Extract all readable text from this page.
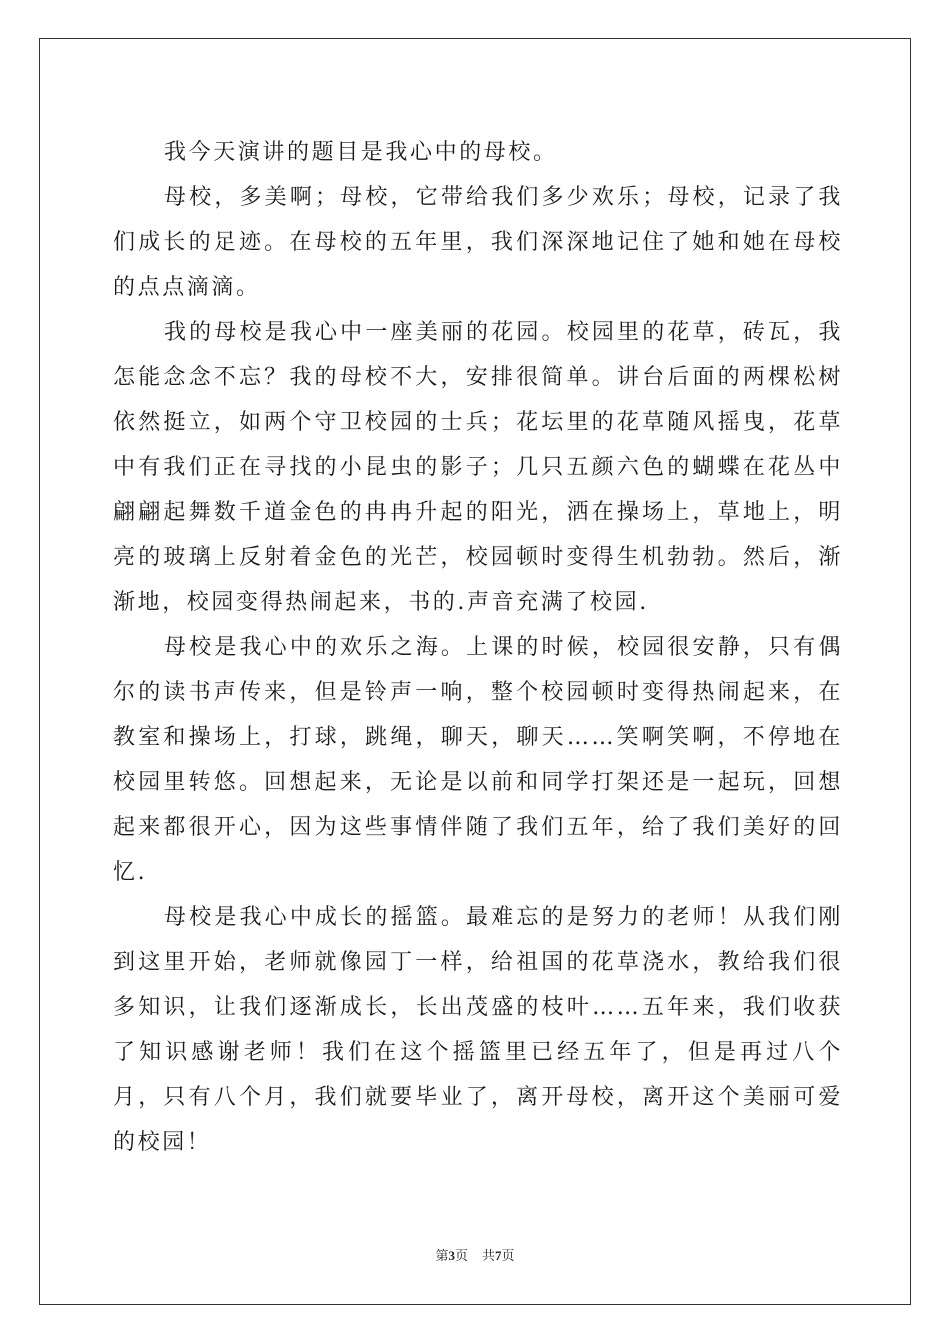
我今天演讲的题目是我心中的母校。

母校，多美啊；母校，它带给我们多少欢乐；母校，记录了我们成长的足迹。在母校的五年里，我们深深地记住了她和她在母校的点点滴滴。

我的母校是我心中一座美丽的花园。校园里的花草，砖瓦，我怎能念念不忘？我的母校不大，安排很简单。讲台后面的两棵松树依然挺立，如两个守卫校园的士兵；花坛里的花草随风摇曳，花草中有我们正在寻找的小昆虫的影子；几只五颜六色的蝴蝶在花丛中翩翩起舞数千道金色的冉冉升起的阳光，洒在操场上，草地上，明亮的玻璃上反射着金色的光芒，校园顿时变得生机勃勃。然后，渐渐地，校园变得热闹起来，书的.声音充满了校园.

母校是我心中的欢乐之海。上课的时候，校园很安静，只有偶尔的读书声传来，但是铃声一响，整个校园顿时变得热闹起来，在教室和操场上，打球，跳绳，聊天，聊天……笑啊笑啊，不停地在校园里转悠。回想起来，无论是以前和同学打架还是一起玩，回想起来都很开心，因为这些事情伴随了我们五年，给了我们美好的回忆.

母校是我心中成长的摇篮。最难忘的是努力的老师！从我们刚到这里开始，老师就像园丁一样，给祖国的花草浇水，教给我们很多知识，让我们逐渐成长，长出茂盛的枝叶……五年来，我们收获了知识感谢老师！我们在这个摇篮里已经五年了，但是再过八个月，只有八个月，我们就要毕业了，离开母校，离开这个美丽可爱的校园！

第3页 共7页
